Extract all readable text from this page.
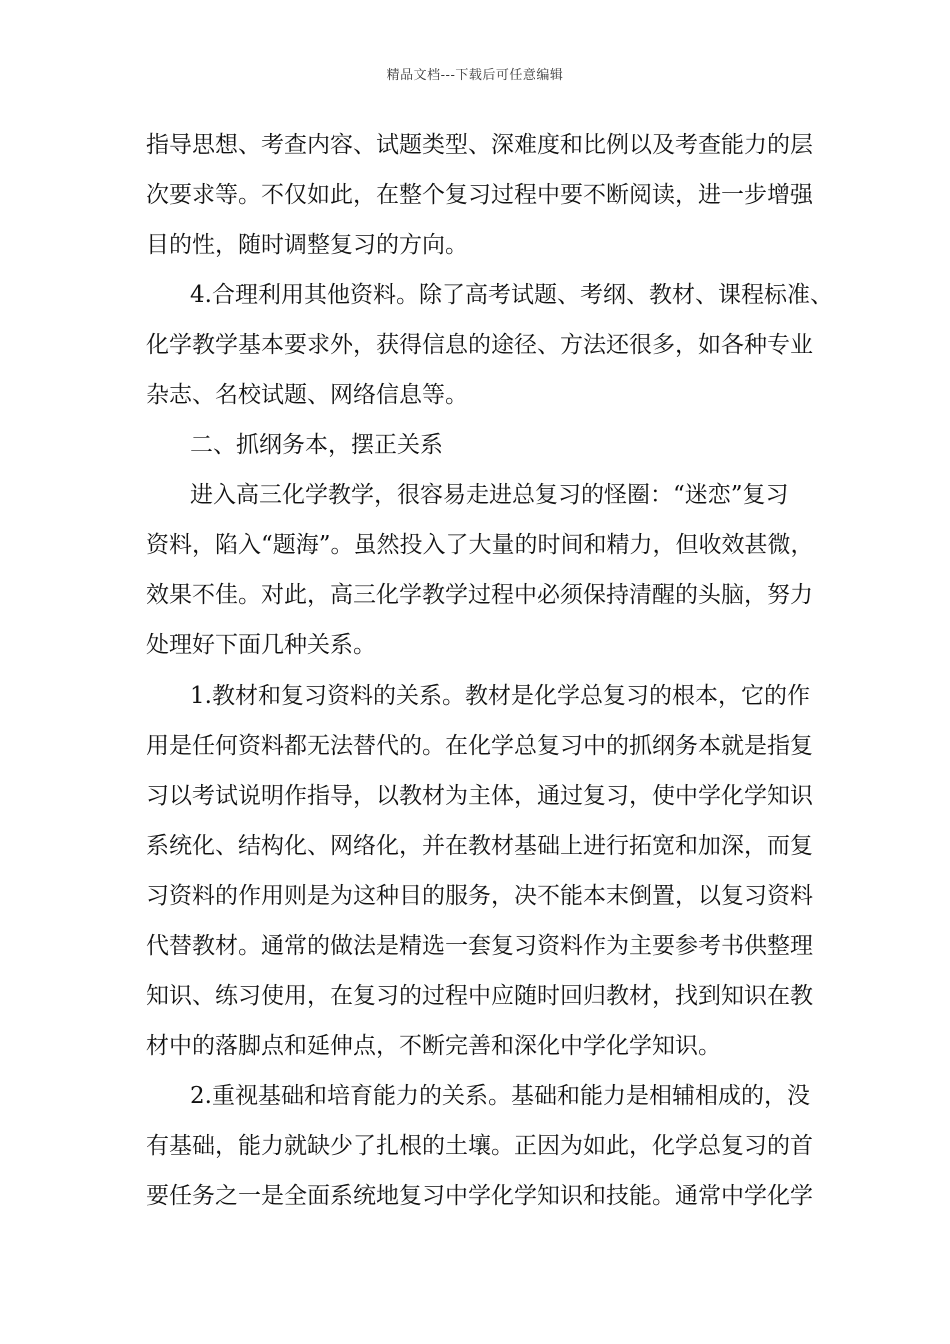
精品文档---下载后可任意编辑
指导思想、考查内容、试题类型、深难度和比例以及考查能力的层
次要求等。不仅如此，在整个复习过程中要不断阅读，进一步增强
目的性，随时调整复习的方向。
4.合理利用其他资料。除了高考试题、考纲、教材、课程标准、
化学教学基本要求外，获得信息的途径、方法还很多，如各种专业
杂志、名校试题、网络信息等。
二、抓纲务本，摆正关系
进入高三化学教学，很容易走进总复习的怪圈：“迷恋”复习
资料，陷入“题海”。虽然投入了大量的时间和精力，但收效甚微，
效果不佳。对此，高三化学教学过程中必须保持清醒的头脑，努力
处理好下面几种关系。
1.教材和复习资料的关系。教材是化学总复习的根本，它的作
用是任何资料都无法替代的。在化学总复习中的抓纲务本就是指复
习以考试说明作指导，以教材为主体，通过复习，使中学化学知识
系统化、结构化、网络化，并在教材基础上进行拓宽和加深，而复
习资料的作用则是为这种目的服务，决不能本末倒置，以复习资料
代替教材。通常的做法是精选一套复习资料作为主要参考书供整理
知识、练习使用，在复习的过程中应随时回归教材，找到知识在教
材中的落脚点和延伸点，不断完善和深化中学化学知识。
2.重视基础和培育能力的关系。基础和能力是相辅相成的，没
有基础，能力就缺少了扎根的土壤。正因为如此，化学总复习的首
要任务之一是全面系统地复习中学化学知识和技能。通常中学化学
